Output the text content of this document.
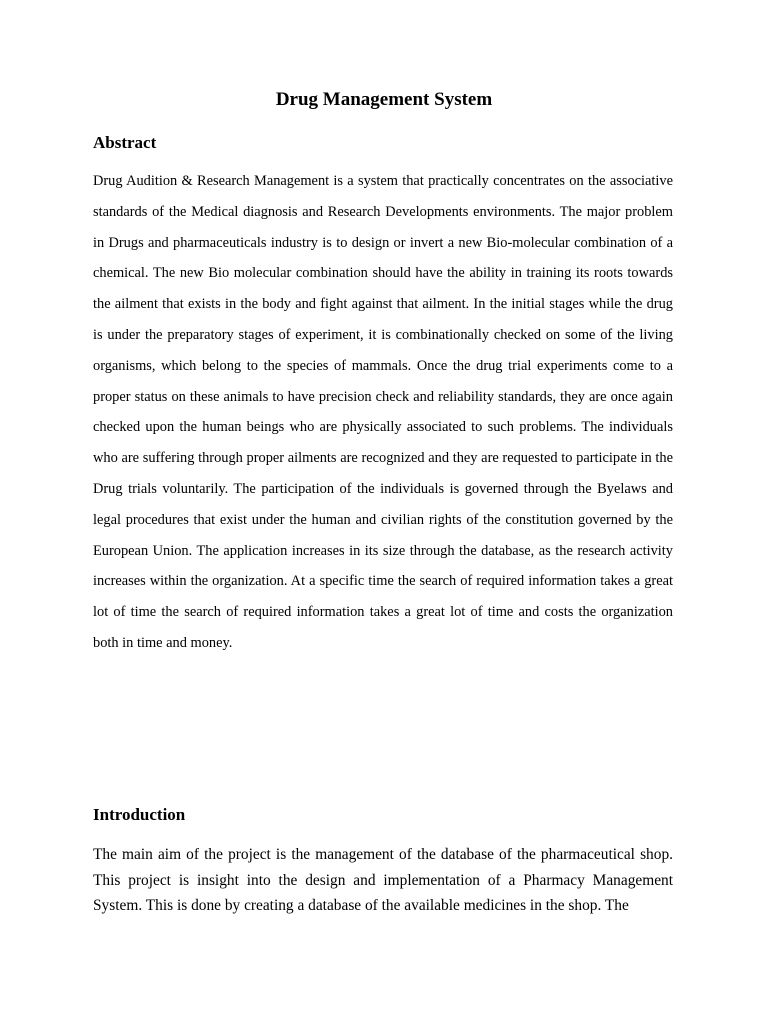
Drug Management System
Abstract

Drug Audition & Research Management is a system that practically concentrates on the associative standards of the Medical diagnosis and Research Developments environments. The major problem in Drugs and pharmaceuticals industry is to design or invert a new Bio-molecular combination of a chemical. The new Bio molecular combination should have the ability in training its roots towards the ailment that exists in the body and fight against that ailment. In the initial stages while the drug is under the preparatory stages of experiment, it is combinationally checked on some of the living organisms, which belong to the species of mammals. Once the drug trial experiments come to a proper status on these animals to have precision check and reliability standards, they are once again checked upon the human beings who are physically associated to such problems. The individuals who are suffering through proper ailments are recognized and they are requested to participate in the Drug trials voluntarily. The participation of the individuals is governed through the Byelaws and legal procedures that exist under the human and civilian rights of the constitution governed by the European Union. The application increases in its size through the database, as the research activity increases within the organization. At a specific time the search of required information takes a great lot of time the search of required information takes a great lot of time and costs the organization both in time and money.

Introduction

The main aim of the project is the management of the database of the pharmaceutical shop. This project is insight into the design and implementation of a Pharmacy Management System. This is done by creating a database of the available medicines in the shop. The
